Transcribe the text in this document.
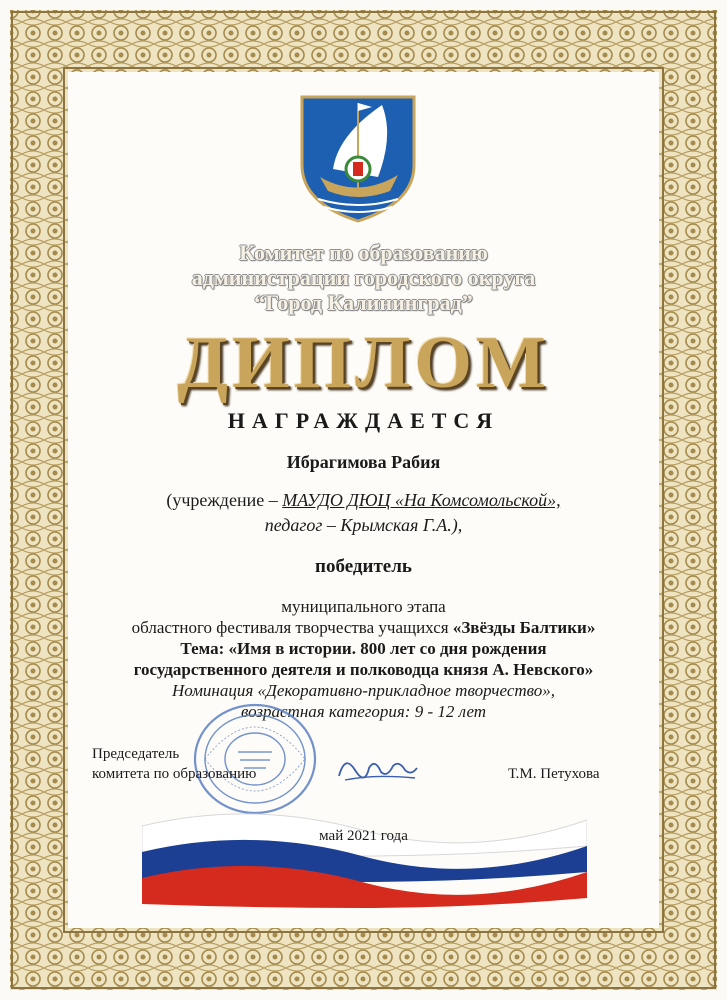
Комитет по образованию
администрации городского округа
“Город Калининград”
ДИПЛОМ
НАГРАЖДАЕТСЯ
Ибрагимова Рабия
(учреждение – МАУДО ДЮЦ «На Комсомольской»,
педагог – Крымская Г.А.),
победитель
муниципального этапа
областного фестиваля творчества учащихся «Звёзды Балтики»
Тема: «Имя в истории. 800 лет со дня рождения
государственного деятеля и полководца князя А. Невского»
Номинация «Декоративно-прикладное творчество»,
возрастная категория: 9 - 12 лет
Председатель
комитета по образованию	Т.М. Петухова
май 2021 года
